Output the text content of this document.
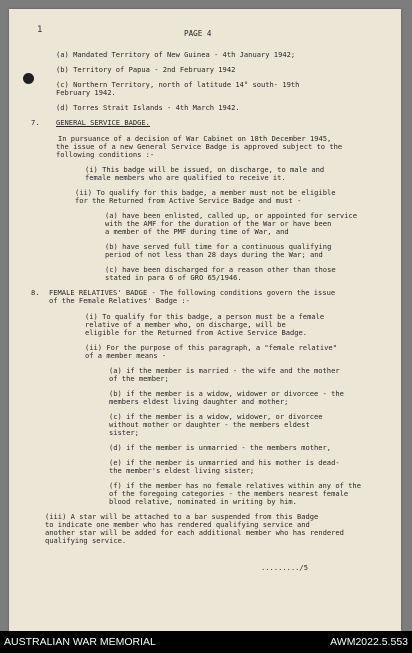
1	PAGE 4
(a) Mandated Territory of New Guinea - 4th January 1942;
(b) Territory of Papua - 2nd February 1942
(c) Northern Territory, north of latitude 14° south- 19th
February 1942.
(d) Torres Strait Islands - 4th March 1942.
7. GENERAL SERVICE BADGE.
In pursuance of a decision of War Cabinet on 18th December 1945,
the issue of a new General Service Badge is approved subject to the
following conditions :-
(i) This badge will be issued, on discharge, to male and
female members who are qualified to receive it.
(ii) To qualify for this badge, a member must not be eligible
for the Returned from Active Service Badge and must -
(a) have been enlisted, called up, or appointed for service
with the AMF for the duration of the War or have been
a member of the PMF during time of War, and
(b) have served full time for a continuous qualifying
period of not less than 28 days during the War; and
(c) have been discharged for a reason other than those
stated in para 6 of GRO 65/1946.
8. FEMALE RELATIVES' BADGE - The following conditions govern the issue
of the Female Relatives' Badge :-
(i) To qualify for this badge, a person must be a female
relative of a member who, on discharge, will be
eligible for the Returned from Active Service Badge.
(ii) For the purpose of this paragraph, a "female relative"
of a member means -
(a) if the member is married - the wife and the mother
of the member;
(b) if the member is a widow, widower or divorcee - the
members eldest living daughter and mother;
(c) if the member is a widow, widower, or divorcee
without mother or daughter - the members eldest
sister;
(d) if the member is unmarried - the members mother,
(e) if the member is unmarried and his mother is dead-
the member's eldest living sister;
(f) if the member has no female relatives within any of the
of the foregoing categories - the members nearest female
blood relative, nominated in writing by him.
(iii) A star will be attached to a bar suspended from this Badge
to indicate one member who has rendered qualifying service and
another star will be added for each additional member who has rendered
qualifying service.
........./5
AUSTRALIAN WAR MEMORIAL	AWM2022.5.553
